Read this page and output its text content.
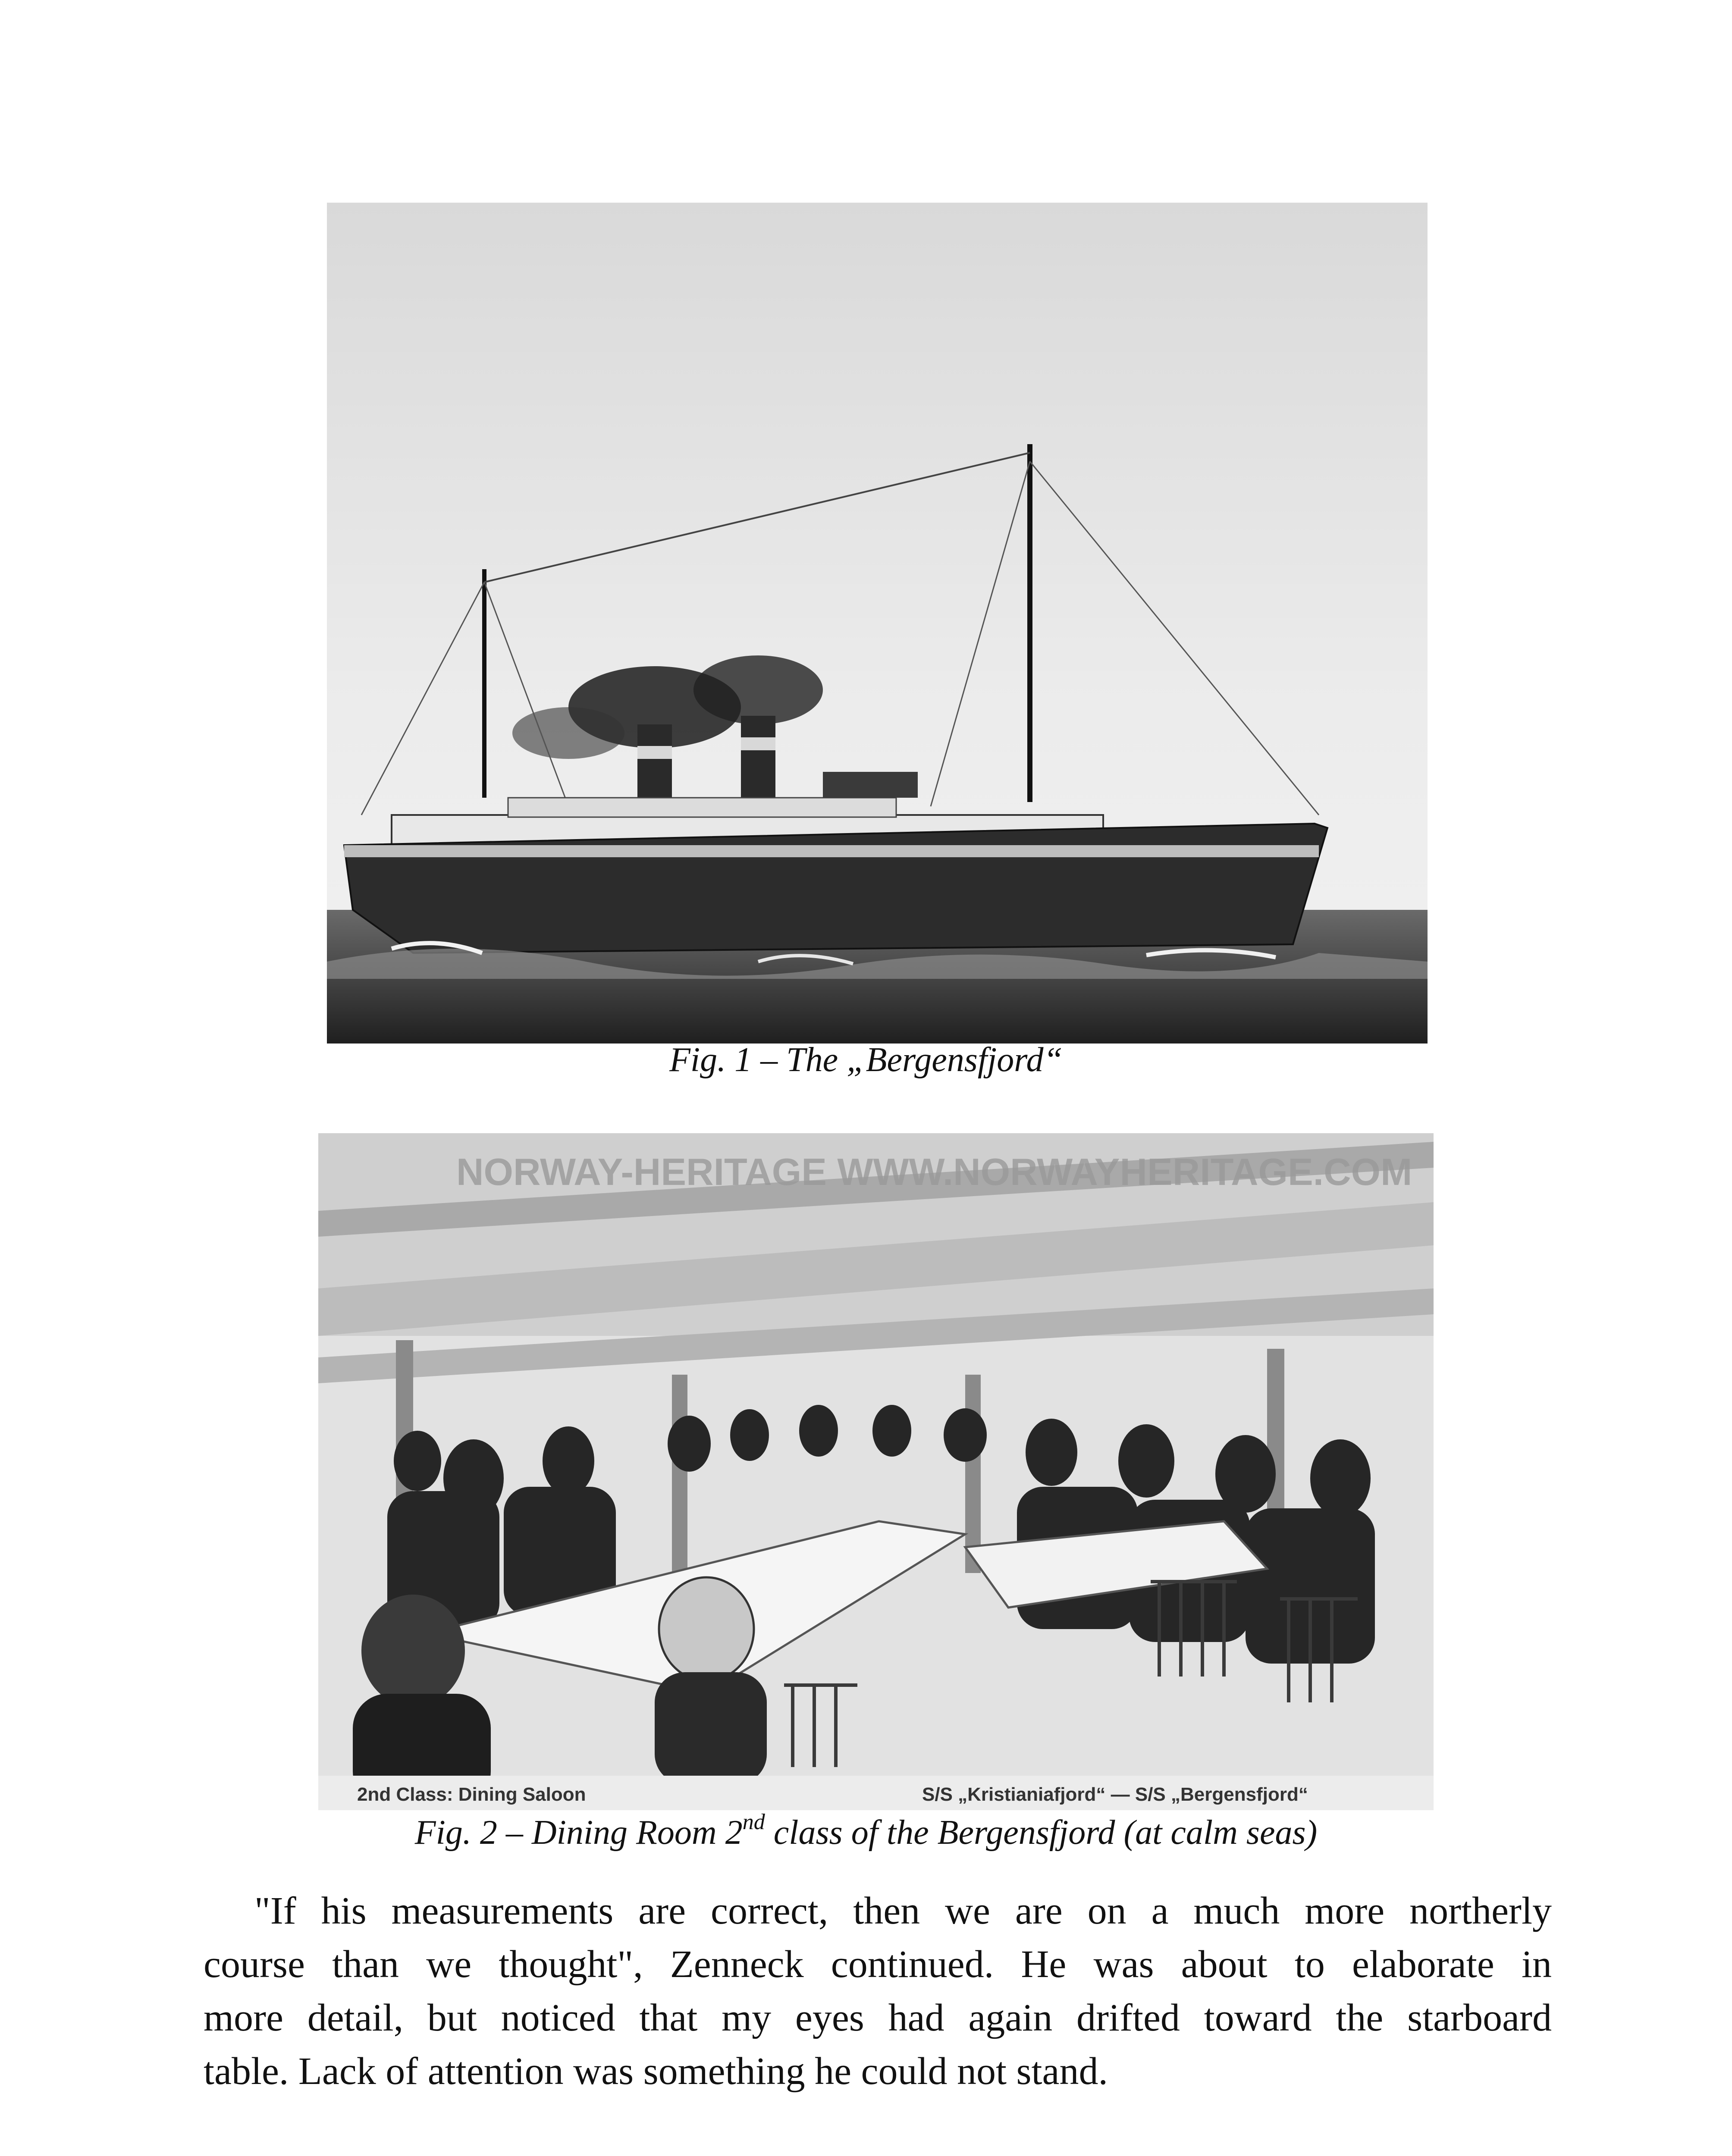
Fig. 1 – The „Bergensfjord“
NORWAY-HERITAGE WWW.NORWAYHERITAGE.COM
2nd Class: Dining Saloon	S/S „Kristianiafjord“ — S/S „Bergensfjord“
Fig. 2 – Dining Room 2nd class of the Bergensfjord (at calm seas)
"If his measurements are correct, then we are on a much more northerly
course than we thought", Zenneck continued. He was about to elaborate in
more detail, but noticed that my eyes had again drifted toward the starboard
table. Lack of attention was something he could not stand.
